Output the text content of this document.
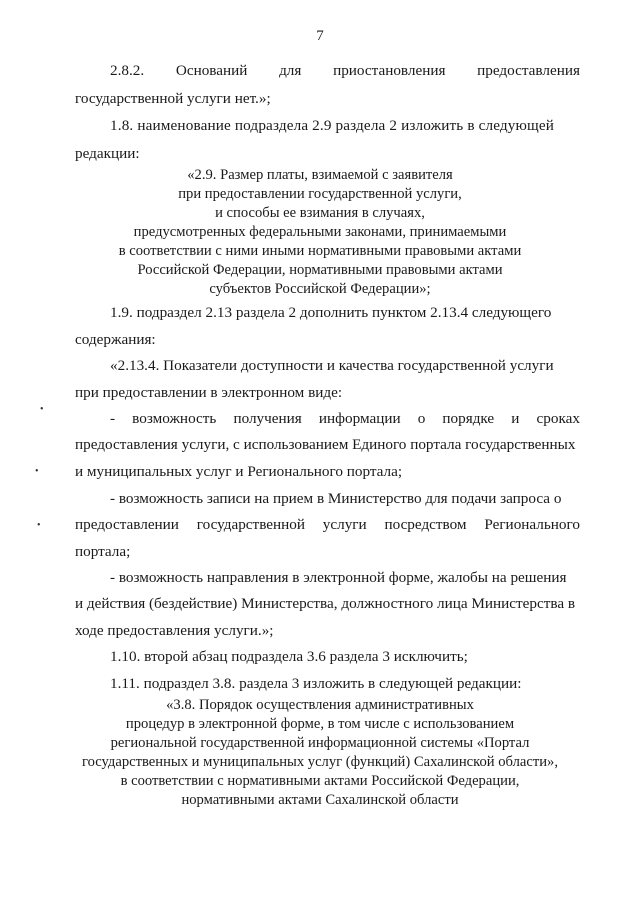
7
2.8.2. Оснований для приостановления предоставления
государственной услуги нет.»;
1.8. наименование подраздела 2.9 раздела 2 изложить в следующей
редакции:
«2.9. Размер платы, взимаемой с заявителя
при предоставлении государственной услуги,
и способы ее взимания в случаях,
предусмотренных федеральными законами, принимаемыми
в соответствии с ними иными нормативными правовыми актами
Российской Федерации, нормативными правовыми актами
субъектов Российской Федерации»;
1.9. подраздел 2.13 раздела 2 дополнить пунктом 2.13.4 следующего
содержания:
«2.13.4. Показатели доступности и качества государственной услуги
при предоставлении в электронном виде:
- возможность получения информации о порядке и сроках
предоставления услуги, с использованием Единого портала государственных
и муниципальных услуг и Регионального портала;
- возможность записи на прием в Министерство для подачи запроса о
предоставлении государственной услуги посредством Регионального
портала;
- возможность направления в электронной форме, жалобы на решения
и действия (бездействие) Министерства, должностного лица Министерства в
ходе предоставления услуги.»;
1.10. второй абзац подраздела 3.6 раздела 3 исключить;
1.11. подраздел 3.8. раздела 3 изложить в следующей редакции:
«3.8. Порядок осуществления административных
процедур в электронной форме, в том числе с использованием
региональной государственной информационной системы «Портал
государственных и муниципальных услуг (функций) Сахалинской области»,
в соответствии с нормативными актами Российской Федерации,
нормативными актами Сахалинской области
•
•
•
